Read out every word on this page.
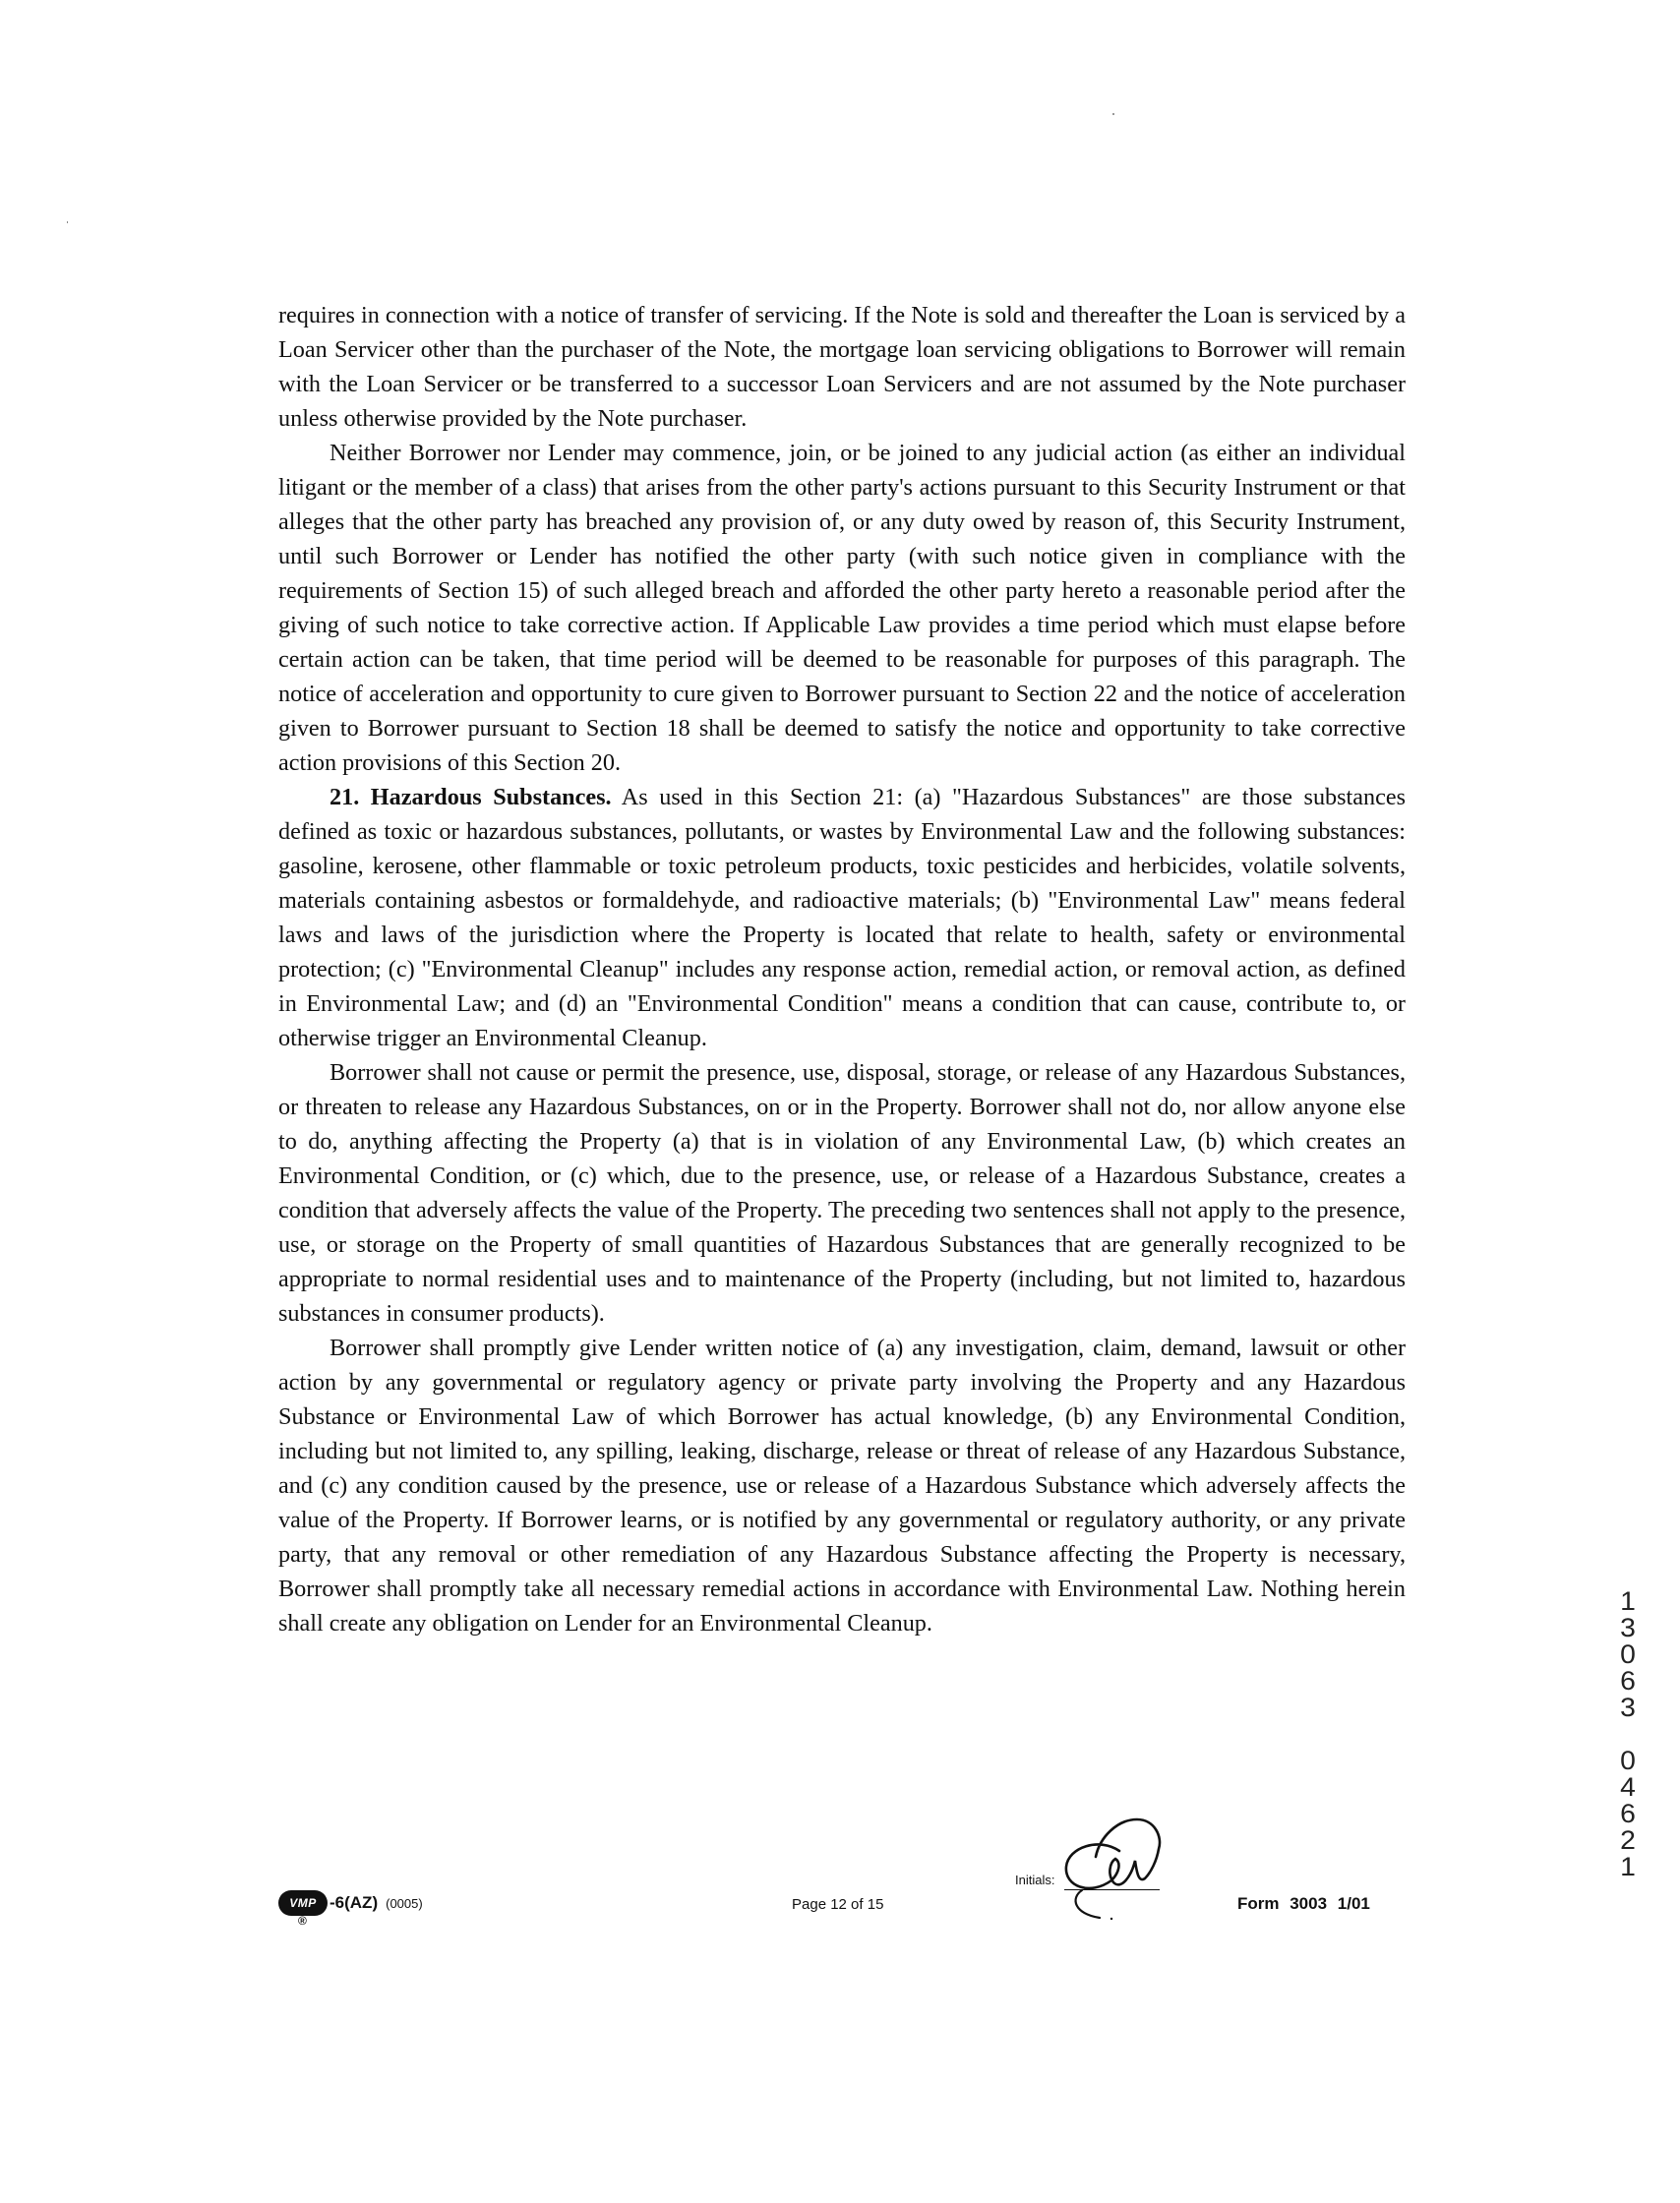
requires in connection with a notice of transfer of servicing. If the Note is sold and thereafter the Loan is serviced by a Loan Servicer other than the purchaser of the Note, the mortgage loan servicing obligations to Borrower will remain with the Loan Servicer or be transferred to a successor Loan Servicers and are not assumed by the Note purchaser unless otherwise provided by the Note purchaser.

Neither Borrower nor Lender may commence, join, or be joined to any judicial action (as either an individual litigant or the member of a class) that arises from the other party's actions pursuant to this Security Instrument or that alleges that the other party has breached any provision of, or any duty owed by reason of, this Security Instrument, until such Borrower or Lender has notified the other party (with such notice given in compliance with the requirements of Section 15) of such alleged breach and afforded the other party hereto a reasonable period after the giving of such notice to take corrective action. If Applicable Law provides a time period which must elapse before certain action can be taken, that time period will be deemed to be reasonable for purposes of this paragraph. The notice of acceleration and opportunity to cure given to Borrower pursuant to Section 22 and the notice of acceleration given to Borrower pursuant to Section 18 shall be deemed to satisfy the notice and opportunity to take corrective action provisions of this Section 20.

21. Hazardous Substances. As used in this Section 21: (a) "Hazardous Substances" are those substances defined as toxic or hazardous substances, pollutants, or wastes by Environmental Law and the following substances: gasoline, kerosene, other flammable or toxic petroleum products, toxic pesticides and herbicides, volatile solvents, materials containing asbestos or formaldehyde, and radioactive materials; (b) "Environmental Law" means federal laws and laws of the jurisdiction where the Property is located that relate to health, safety or environmental protection; (c) "Environmental Cleanup" includes any response action, remedial action, or removal action, as defined in Environmental Law; and (d) an "Environmental Condition" means a condition that can cause, contribute to, or otherwise trigger an Environmental Cleanup.

Borrower shall not cause or permit the presence, use, disposal, storage, or release of any Hazardous Substances, or threaten to release any Hazardous Substances, on or in the Property. Borrower shall not do, nor allow anyone else to do, anything affecting the Property (a) that is in violation of any Environmental Law, (b) which creates an Environmental Condition, or (c) which, due to the presence, use, or release of a Hazardous Substance, creates a condition that adversely affects the value of the Property. The preceding two sentences shall not apply to the presence, use, or storage on the Property of small quantities of Hazardous Substances that are generally recognized to be appropriate to normal residential uses and to maintenance of the Property (including, but not limited to, hazardous substances in consumer products).

Borrower shall promptly give Lender written notice of (a) any investigation, claim, demand, lawsuit or other action by any governmental or regulatory agency or private party involving the Property and any Hazardous Substance or Environmental Law of which Borrower has actual knowledge, (b) any Environmental Condition, including but not limited to, any spilling, leaking, discharge, release or threat of release of any Hazardous Substance, and (c) any condition caused by the presence, use or release of a Hazardous Substance which adversely affects the value of the Property. If Borrower learns, or is notified by any governmental or regulatory authority, or any private party, that any removal or other remediation of any Hazardous Substance affecting the Property is necessary, Borrower shall promptly take all necessary remedial actions in accordance with Environmental Law. Nothing herein shall create any obligation on Lender for an Environmental Cleanup.

VMP
®
-6(AZ) (0005)	Page 12 of 15
Initials:
Form 3003 1/01
1
3
0
6
3

0
4
6
2
1
